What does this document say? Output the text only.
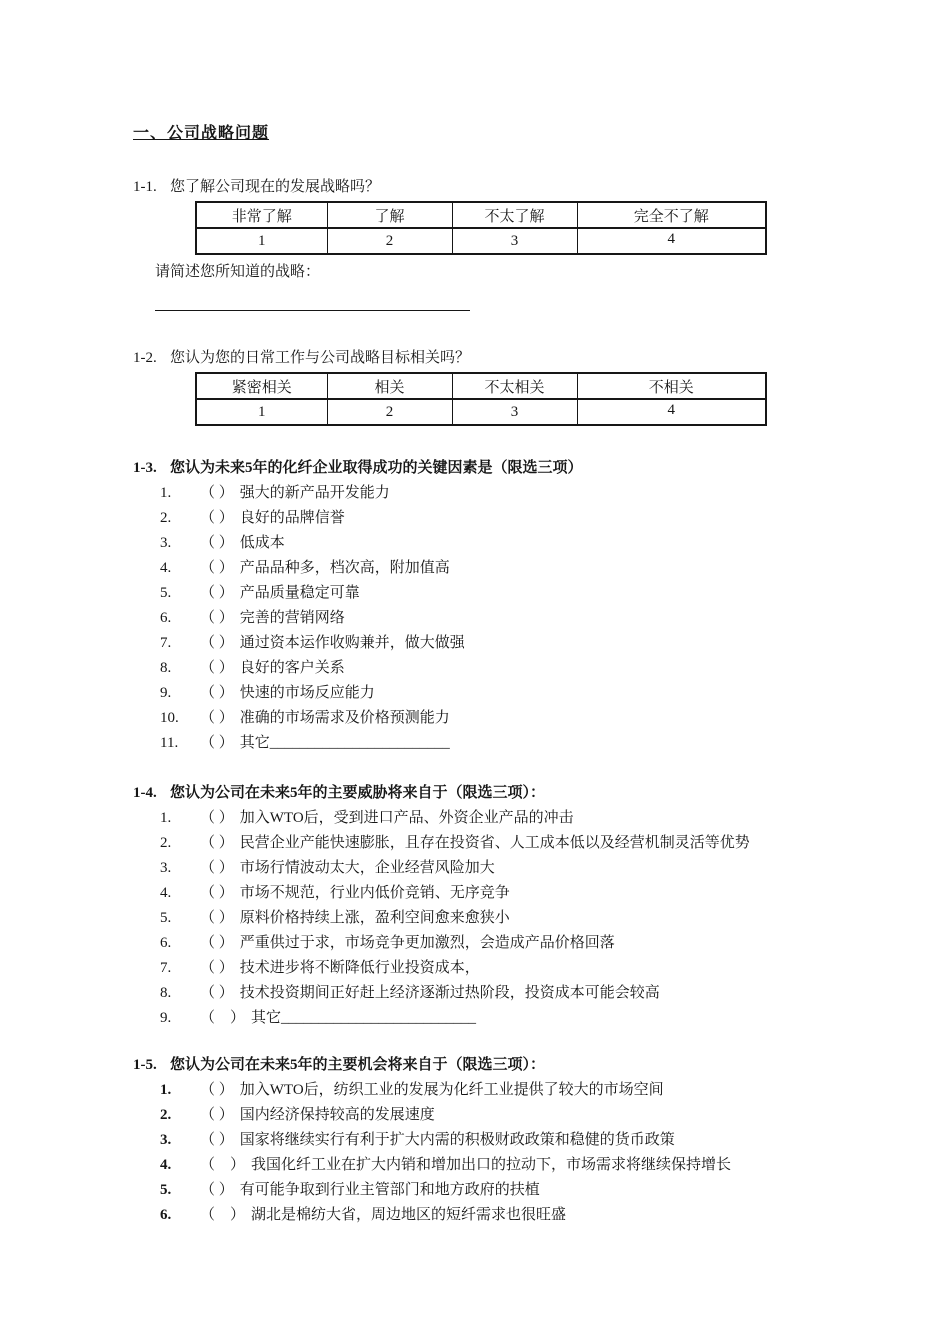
一、公司战略问题
1-1. 您了解公司现在的发展战略吗？
非常了解	了解	不太了解	完全不了解
1	2	3	4
请简述您所知道的战略：
1-2. 您认为您的日常工作与公司战略目标相关吗？
紧密相关	相关	不太相关	不相关
1	2	3	4
1-3. 您认为未来5年的化纤企业取得成功的关键因素是（限选三项）
1.	（ ） 强大的新产品开发能力
2.	（ ） 良好的品牌信誉
3.	（ ） 低成本
4.	（ ） 产品品种多，档次高，附加值高
5.	（ ） 产品质量稳定可靠
6.	（ ） 完善的营销网络
7.	（ ） 通过资本运作收购兼并，做大做强
8.	（ ） 良好的客户关系
9.	（ ） 快速的市场反应能力
10.	（ ） 准确的市场需求及价格预测能力
11.	（ ） 其它________________________
1-4. 您认为公司在未来5年的主要威胁将来自于（限选三项）：
1.	（ ） 加入WTO后，受到进口产品、外资企业产品的冲击
2.	（ ） 民营企业产能快速膨胀，且存在投资省、人工成本低以及经营机制灵活等优势
3.	（ ） 市场行情波动太大，企业经营风险加大
4.	（ ） 市场不规范，行业内低价竞销、无序竞争
5.	（ ） 原料价格持续上涨，盈利空间愈来愈狭小
6.	（ ） 严重供过于求，市场竞争更加激烈，会造成产品价格回落
7.	（ ） 技术进步将不断降低行业投资成本，
8.	（ ） 技术投资期间正好赶上经济逐渐过热阶段，投资成本可能会较高
9.	（　） 其它__________________________
1-5. 您认为公司在未来5年的主要机会将来自于（限选三项）：
1.	（ ） 加入WTO后，纺织工业的发展为化纤工业提供了较大的市场空间
2.	（ ） 国内经济保持较高的发展速度
3.	（ ） 国家将继续实行有利于扩大内需的积极财政政策和稳健的货币政策
4.	（　） 我国化纤工业在扩大内销和增加出口的拉动下，市场需求将继续保持增长
5.	（ ） 有可能争取到行业主管部门和地方政府的扶植
6.	（　） 湖北是棉纺大省，周边地区的短纤需求也很旺盛
